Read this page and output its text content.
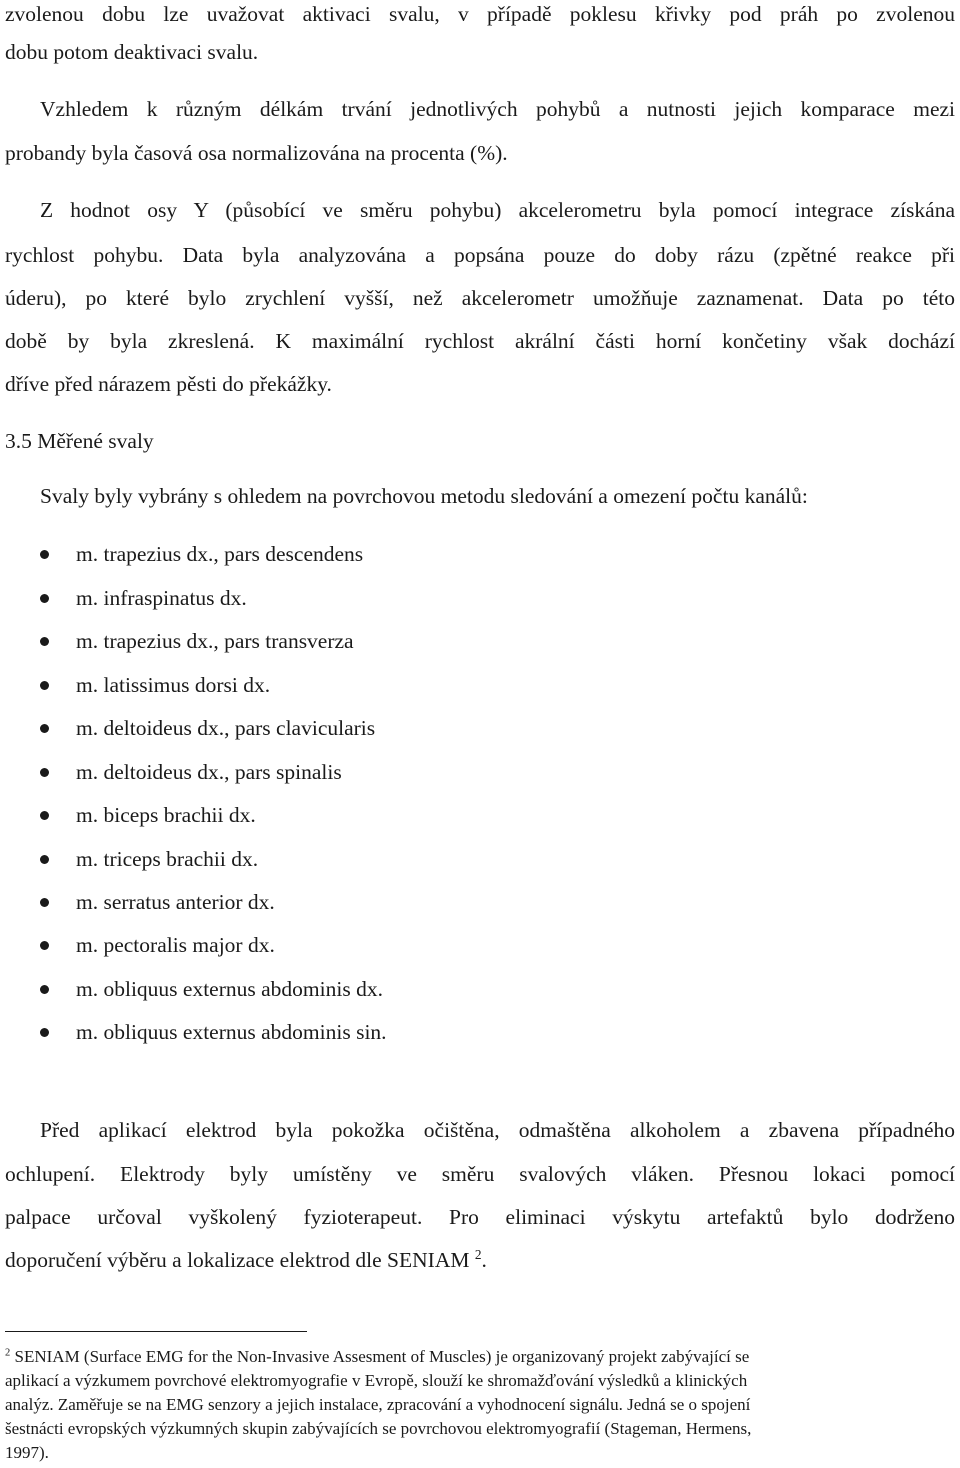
zvolenou dobu lze uvažovat aktivaci svalu, v případě poklesu křivky pod práh po zvolenou
dobu potom deaktivaci svalu.
Vzhledem k různým délkám trvání jednotlivých pohybů a nutnosti jejich komparace mezi
probandy byla časová osa normalizována na procenta (%).
Z hodnot osy Y (působící ve směru pohybu) akcelerometru byla pomocí integrace získána
rychlost pohybu. Data byla analyzována a popsána pouze do doby rázu (zpětné reakce při
úderu), po které bylo zrychlení vyšší, než akcelerometr umožňuje zaznamenat. Data po této
době by byla zkreslená. K maximální rychlost akrální části horní končetiny však dochází
dříve před nárazem pěsti do překážky.
3.5 Měřené svaly
Svaly byly vybrány s ohledem na povrchovou metodu sledování a omezení počtu kanálů:
m. trapezius dx., pars descendens
m. infraspinatus dx.
m. trapezius dx., pars transverza
m. latissimus dorsi dx.
m. deltoideus dx., pars clavicularis
m. deltoideus dx., pars spinalis
m. biceps brachii dx.
m. triceps brachii dx.
m. serratus anterior dx.
m. pectoralis major dx.
m. obliquus externus abdominis dx.
m. obliquus externus abdominis sin.
Před aplikací elektrod byla pokožka očištěna, odmaštěna alkoholem a zbavena případného
ochlupení. Elektrody byly umístěny ve směru svalových vláken. Přesnou lokaci pomocí
palpace určoval vyškolený fyzioterapeut. Pro eliminaci výskytu artefaktů bylo dodrženo
doporučení výběru a lokalizace elektrod dle SENIAM $^2$.
$^2$ SENIAM (Surface EMG for the Non-Invasive Assesment of Muscles) je organizovaný projekt zabývající se
aplikací a výzkumem povrchové elektromyografie v Evropě, slouží ke shromažďování výsledků a klinických
analýz. Zaměřuje se na EMG senzory a jejich instalace, zpracování a vyhodnocení signálu. Jedná se o spojení
šestnácti evropských výzkumných skupin zabývajících se povrchovou elektromyografií (Stageman, Hermens,
1997).
